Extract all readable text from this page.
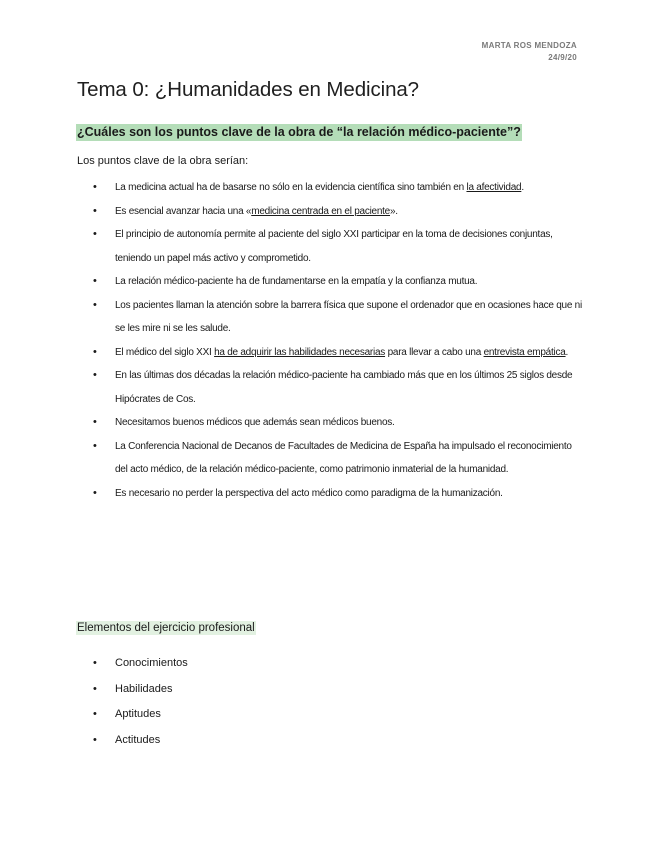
MARTA ROS MENDOZA
24/9/20
Tema 0: ¿Humanidades en Medicina?

¿Cuáles son los puntos clave de la obra de “la relación médico-paciente”?

Los puntos clave de la obra serían:

• La medicina actual ha de basarse no sólo en la evidencia científica sino también en la afectividad.
• Es esencial avanzar hacia una «medicina centrada en el paciente».
• El principio de autonomía permite al paciente del siglo XXI participar en la toma de decisiones conjuntas, teniendo un papel más activo y comprometido.
• La relación médico-paciente ha de fundamentarse en la empatía y la confianza mutua.
• Los pacientes llaman la atención sobre la barrera física que supone el ordenador que en ocasiones hace que ni se les mire ni se les salude.
• El médico del siglo XXI ha de adquirir las habilidades necesarias para llevar a cabo una entrevista empática.
• En las últimas dos décadas la relación médico-paciente ha cambiado más que en los últimos 25 siglos desde Hipócrates de Cos.
• Necesitamos buenos médicos que además sean médicos buenos.
• La Conferencia Nacional de Decanos de Facultades de Medicina de España ha impulsado el reconocimiento del acto médico, de la relación médico-paciente, como patrimonio inmaterial de la humanidad.
• Es necesario no perder la perspectiva del acto médico como paradigma de la humanización.

Elementos del ejercicio profesional

• Conocimientos
• Habilidades
• Aptitudes
• Actitudes
